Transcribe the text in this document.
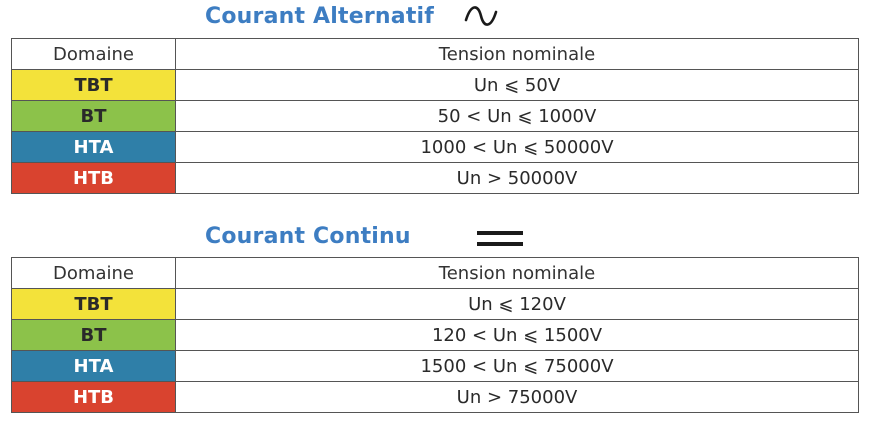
Courant Alternatif
Domaine	Tension nominale
TBT	Un ⩽ 50V
BT	50 < Un ⩽ 1000V
HTA	1000 < Un ⩽ 50000V
HTB	Un > 50000V
Courant Continu
Domaine	Tension nominale
TBT	Un ⩽ 120V
BT	120 < Un ⩽ 1500V
HTA	1500 < Un ⩽ 75000V
HTB	Un > 75000V
